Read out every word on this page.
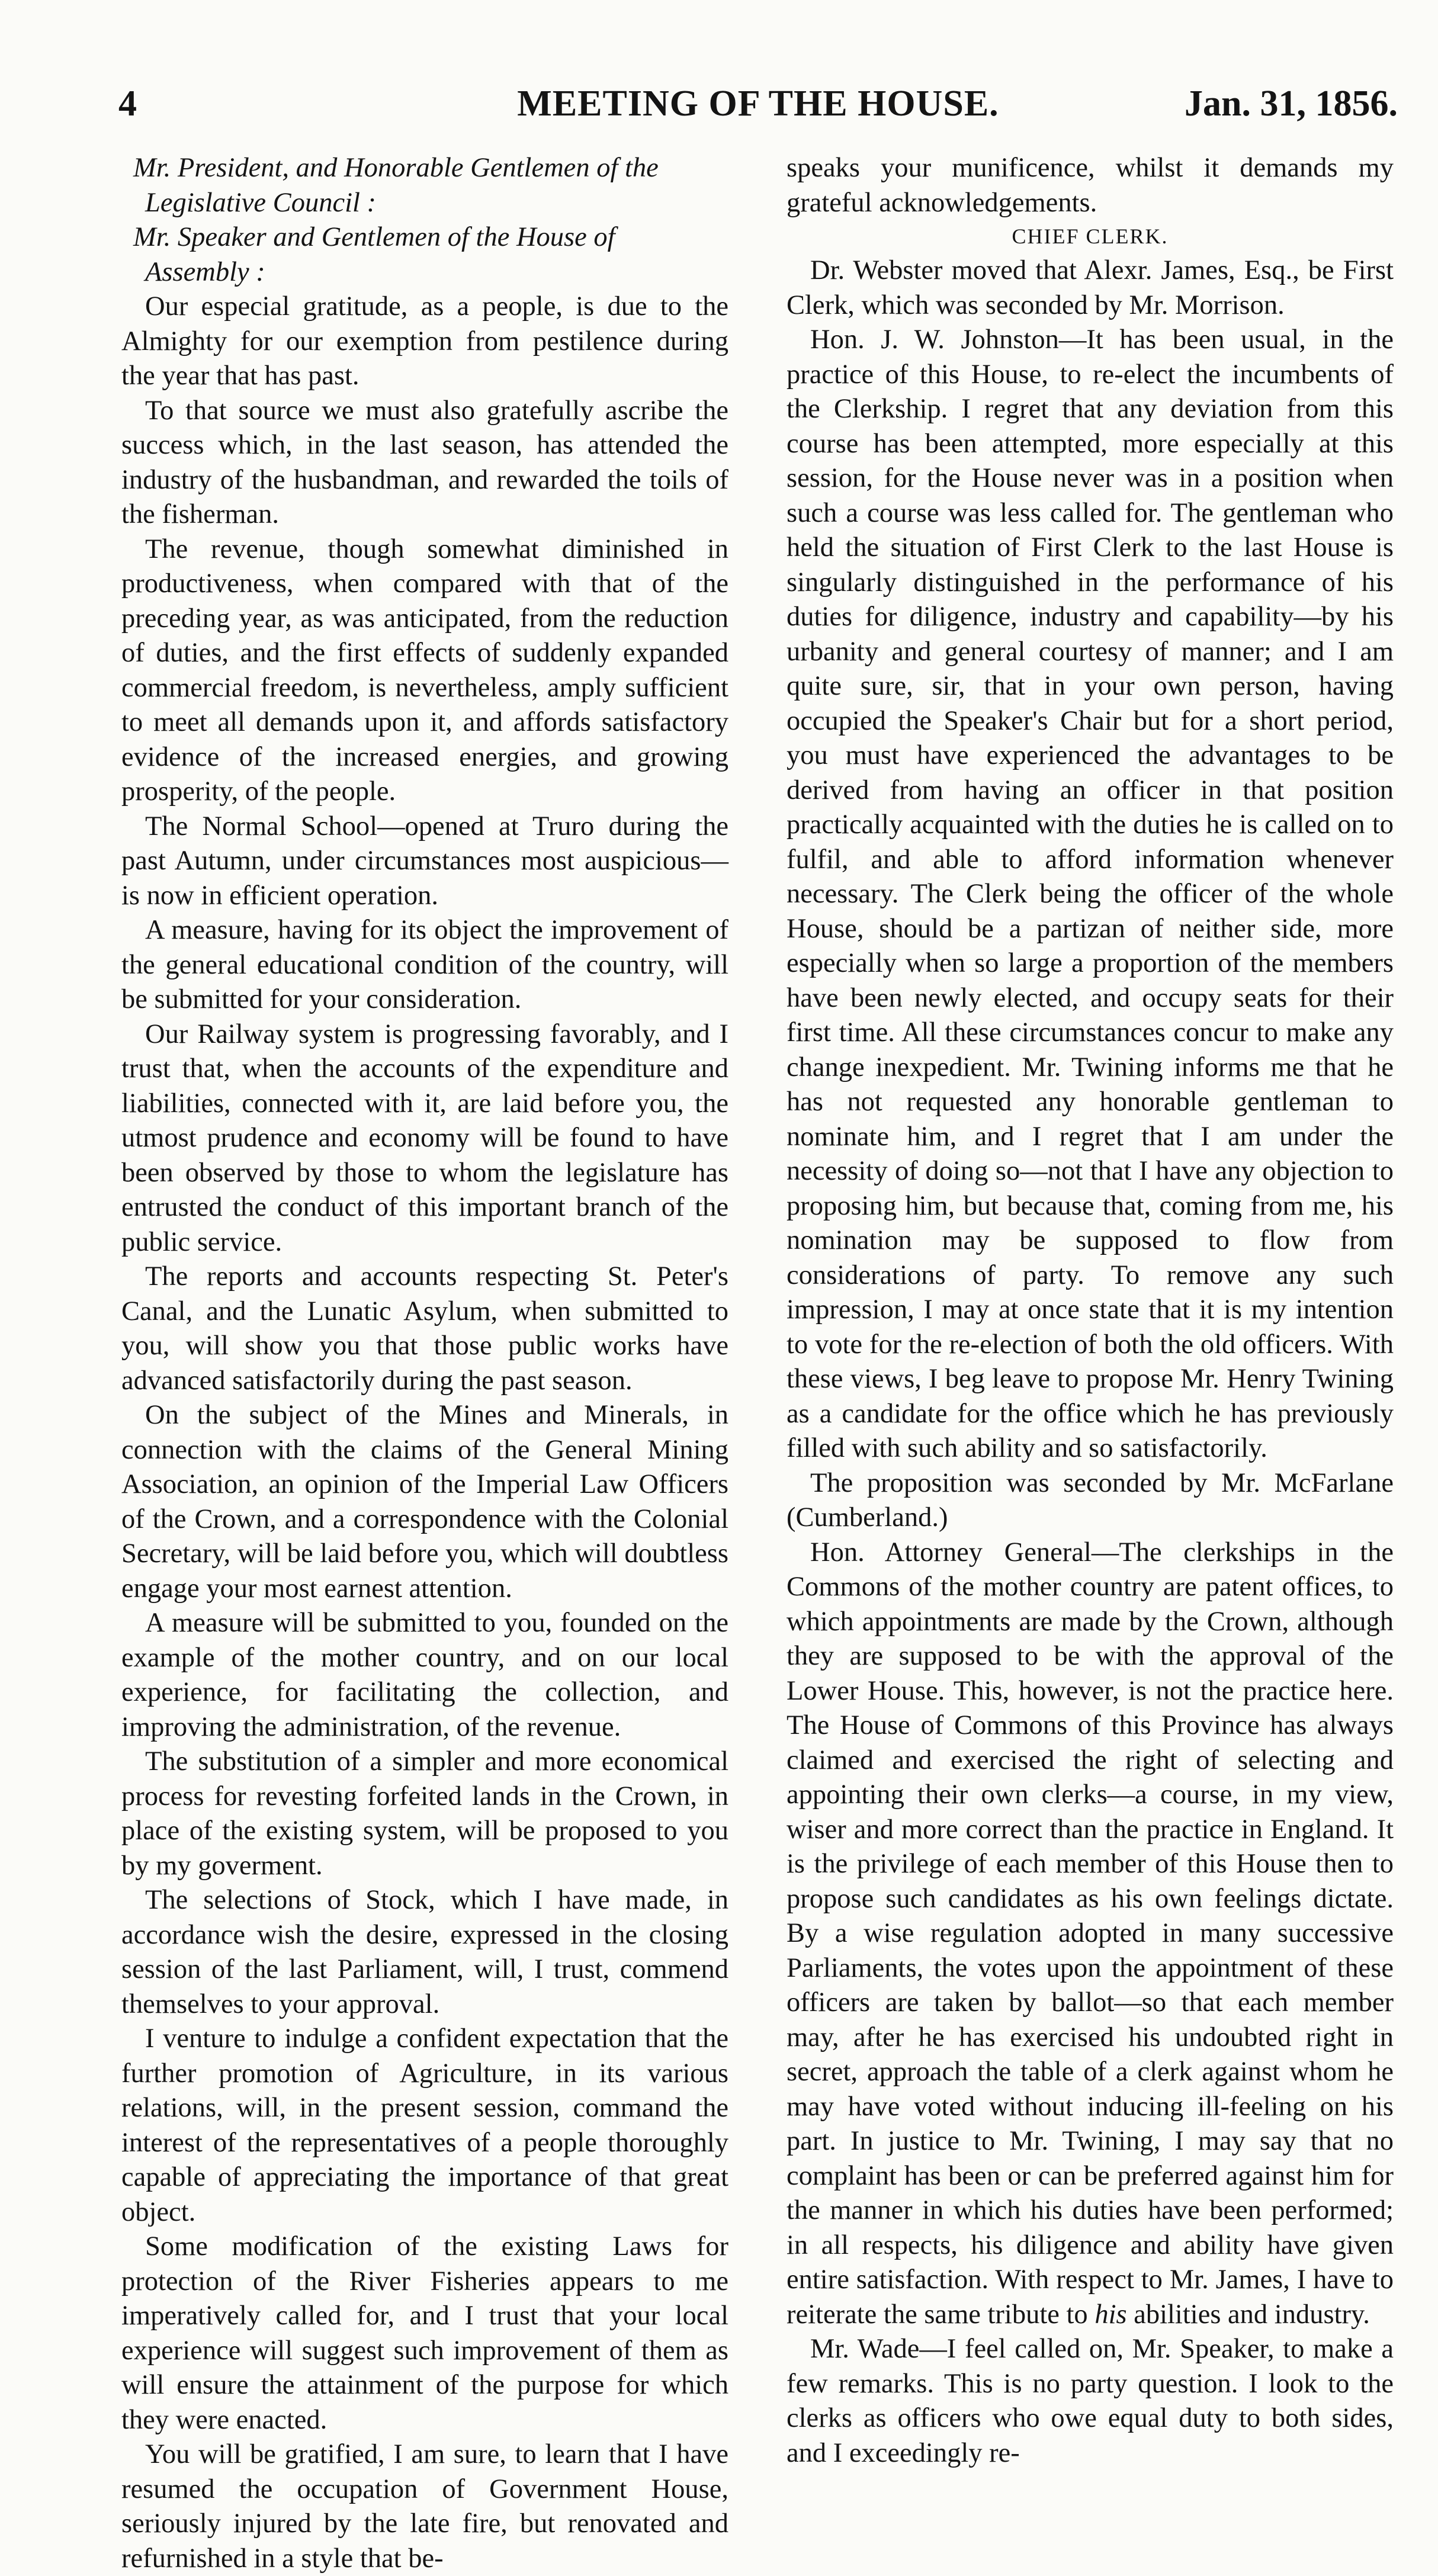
4	MEETING OF THE HOUSE.	Jan. 31, 1856.

Mr. President, and Honorable Gentlemen of the
Legislative Council :

Mr. Speaker and Gentlemen of the House of
Assembly :

Our especial gratitude, as a people, is due to the Almighty for our exemption from pestilence during the year that has past.

To that source we must also gratefully ascribe the success which, in the last season, has attended the industry of the husbandman, and rewarded the toils of the fisherman.

The revenue, though somewhat diminished in productiveness, when compared with that of the preceding year, as was anticipated, from the reduction of duties, and the first effects of suddenly expanded commercial freedom, is nevertheless, amply sufficient to meet all demands upon it, and affords satisfactory evidence of the increased energies, and growing prosperity, of the people.

The Normal School—opened at Truro during the past Autumn, under circumstances most auspicious—is now in efficient operation.

A measure, having for its object the improvement of the general educational condition of the country, will be submitted for your consideration.

Our Railway system is progressing favorably, and I trust that, when the accounts of the expenditure and liabilities, connected with it, are laid before you, the utmost prudence and economy will be found to have been observed by those to whom the legislature has entrusted the conduct of this important branch of the public service.

The reports and accounts respecting St. Peter's Canal, and the Lunatic Asylum, when submitted to you, will show you that those public works have advanced satisfactorily during the past season.

On the subject of the Mines and Minerals, in connection with the claims of the General Mining Association, an opinion of the Imperial Law Officers of the Crown, and a correspondence with the Colonial Secretary, will be laid before you, which will doubtless engage your most earnest attention.

A measure will be submitted to you, founded on the example of the mother country, and on our local experience, for facilitating the collection, and improving the administration, of the revenue.

The substitution of a simpler and more economical process for revesting forfeited lands in the Crown, in place of the existing system, will be proposed to you by my goverment.

The selections of Stock, which I have made, in accordance wish the desire, expressed in the closing session of the last Parliament, will, I trust, commend themselves to your approval.

I venture to indulge a confident expectation that the further promotion of Agriculture, in its various relations, will, in the present session, command the interest of the representatives of a people thoroughly capable of appreciating the importance of that great object.

Some modification of the existing Laws for protection of the River Fisheries appears to me imperatively called for, and I trust that your local experience will suggest such improvement of them as will ensure the attainment of the purpose for which they were enacted.

You will be gratified, I am sure, to learn that I have resumed the occupation of Government House, seriously injured by the late fire, but renovated and refurnished in a style that be-

speaks your munificence, whilst it demands my grateful acknowledgements.

CHIEF CLERK.

Dr. Webster moved that Alexr. James, Esq., be First Clerk, which was seconded by Mr. Morrison.

Hon. J. W. Johnston—It has been usual, in the practice of this House, to re-elect the incumbents of the Clerkship. I regret that any deviation from this course has been attempted, more especially at this session, for the House never was in a position when such a course was less called for. The gentleman who held the situation of First Clerk to the last House is singularly distinguished in the performance of his duties for diligence, industry and capability—by his urbanity and general courtesy of manner; and I am quite sure, sir, that in your own person, having occupied the Speaker's Chair but for a short period, you must have experienced the advantages to be derived from having an officer in that position practically acquainted with the duties he is called on to fulfil, and able to afford information whenever necessary. The Clerk being the officer of the whole House, should be a partizan of neither side, more especially when so large a proportion of the members have been newly elected, and occupy seats for their first time. All these circumstances concur to make any change inexpedient. Mr. Twining informs me that he has not requested any honorable gentleman to nominate him, and I regret that I am under the necessity of doing so—not that I have any objection to proposing him, but because that, coming from me, his nomination may be supposed to flow from considerations of party. To remove any such impression, I may at once state that it is my intention to vote for the re-election of both the old officers. With these views, I beg leave to propose Mr. Henry Twining as a candidate for the office which he has previously filled with such ability and so satisfactorily.

The proposition was seconded by Mr. McFarlane (Cumberland.)

Hon. Attorney General—The clerkships in the Commons of the mother country are patent offices, to which appointments are made by the Crown, although they are supposed to be with the approval of the Lower House. This, however, is not the practice here. The House of Commons of this Province has always claimed and exercised the right of selecting and appointing their own clerks—a course, in my view, wiser and more correct than the practice in England. It is the privilege of each member of this House then to propose such candidates as his own feelings dictate. By a wise regulation adopted in many successive Parliaments, the votes upon the appointment of these officers are taken by ballot—so that each member may, after he has exercised his undoubted right in secret, approach the table of a clerk against whom he may have voted without inducing ill-feeling on his part. In justice to Mr. Twining, I may say that no complaint has been or can be preferred against him for the manner in which his duties have been performed; in all respects, his diligence and ability have given entire satisfaction. With respect to Mr. James, I have to reiterate the same tribute to his abilities and industry.

Mr. Wade—I feel called on, Mr. Speaker, to make a few remarks. This is no party question. I look to the clerks as officers who owe equal duty to both sides, and I exceedingly re-
